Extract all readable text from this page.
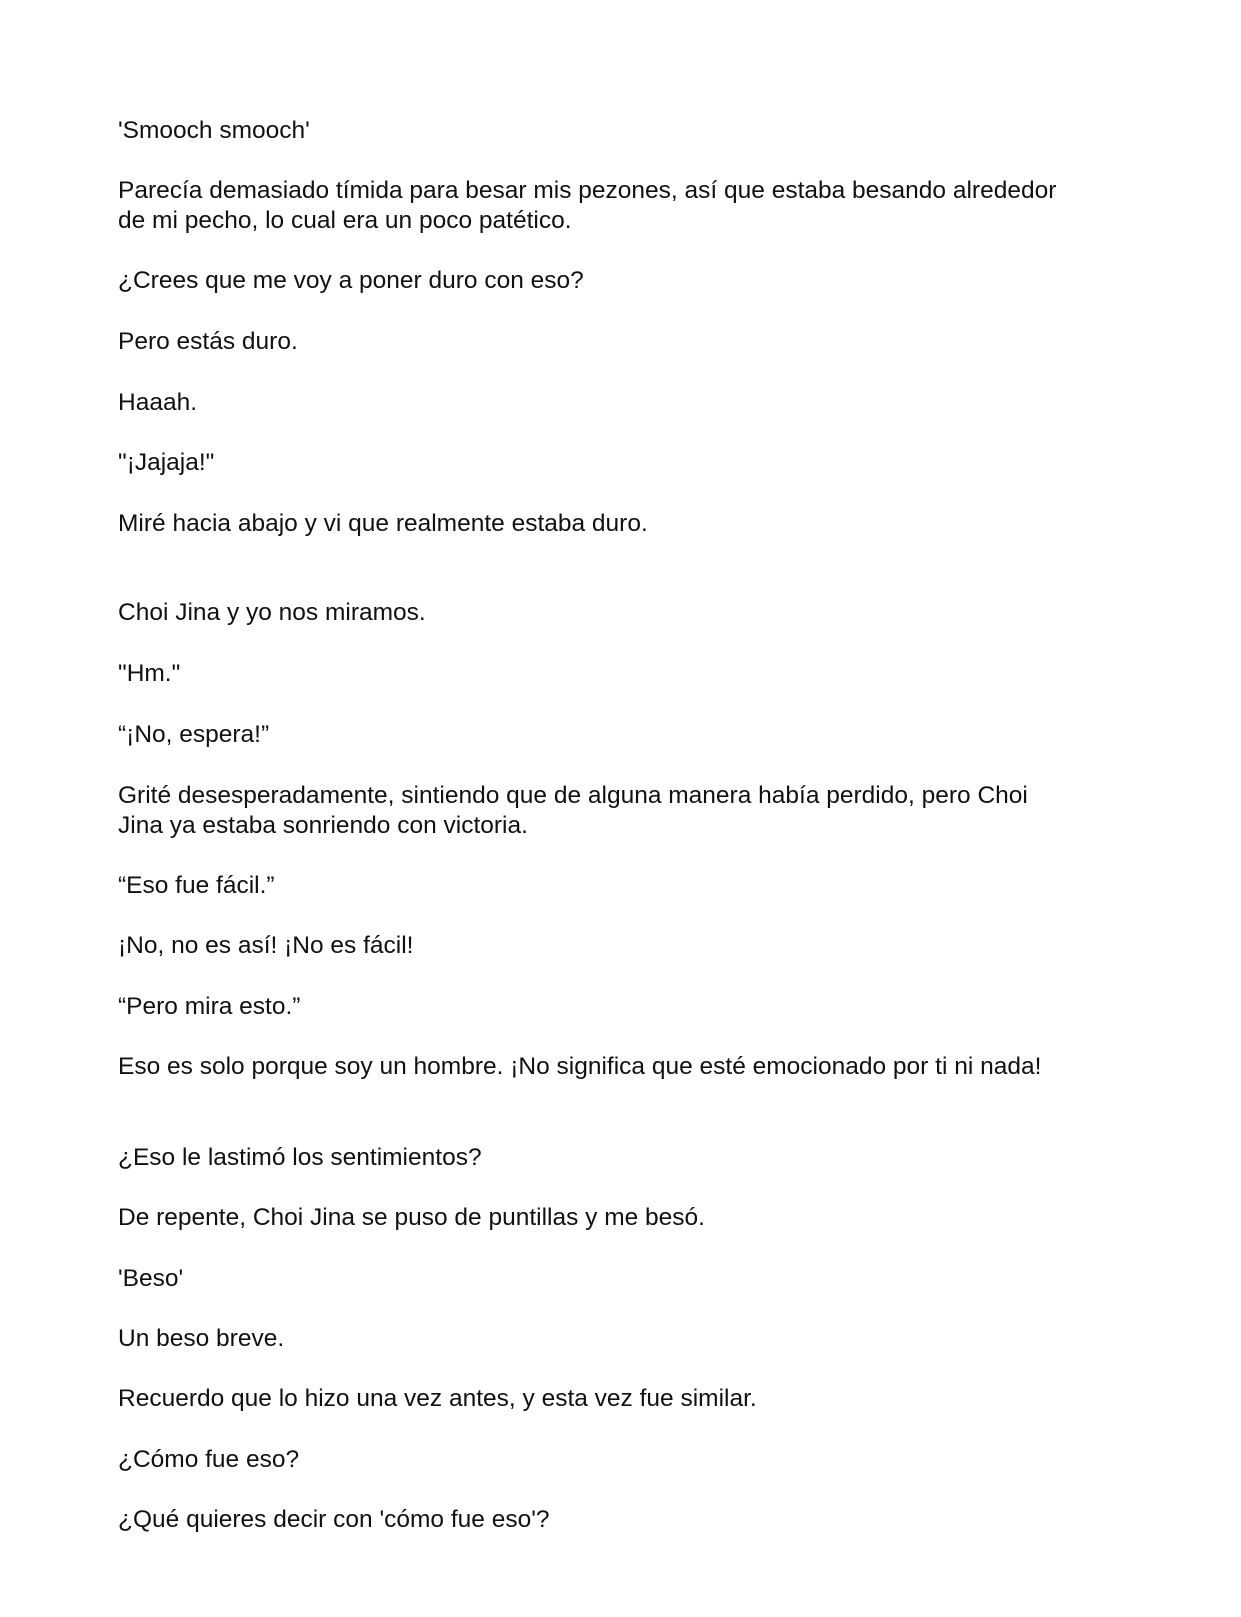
'Smooch smooch'

Parecía demasiado tímida para besar mis pezones, así que estaba besando alrededor de mi pecho, lo cual era un poco patético.

¿Crees que me voy a poner duro con eso?

Pero estás duro.

Haaah.

"¡Jajaja!"

Miré hacia abajo y vi que realmente estaba duro.

Choi Jina y yo nos miramos.

"Hm."

“¡No, espera!”

Grité desesperadamente, sintiendo que de alguna manera había perdido, pero Choi Jina ya estaba sonriendo con victoria.

“Eso fue fácil.”

¡No, no es así! ¡No es fácil!

“Pero mira esto.”

Eso es solo porque soy un hombre. ¡No significa que esté emocionado por ti ni nada!

¿Eso le lastimó los sentimientos?

De repente, Choi Jina se puso de puntillas y me besó.

'Beso'

Un beso breve.

Recuerdo que lo hizo una vez antes, y esta vez fue similar.

¿Cómo fue eso?

¿Qué quieres decir con 'cómo fue eso'?
